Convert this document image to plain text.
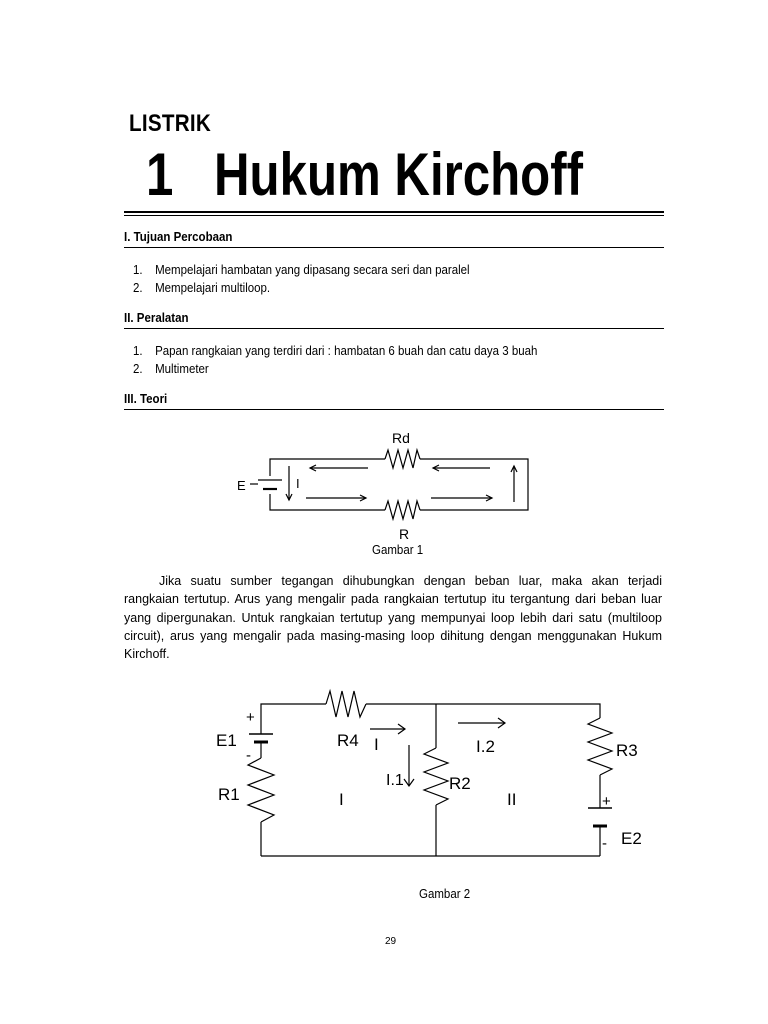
LISTRIK
1 Hukum Kirchoff
I. Tujuan Percobaan
1. Mempelajari hambatan yang dipasang secara seri dan paralel
2. Mempelajari multiloop.
II. Peralatan
1. Papan rangkaian yang terdiri dari : hambatan 6 buah dan catu daya 3 buah
2. Multimeter
III. Teori
Rd
E	I
R
+
E1
-
R1
R4 I
I.1	R2
I.2	R3
+
E2
-
I	II
Gambar 1
Jika suatu sumber tegangan dihubungkan dengan beban luar, maka akan terjadi rangkaian tertutup. Arus yang mengalir pada rangkaian tertutup itu tergantung dari beban luar yang dipergunakan. Untuk rangkaian tertutup yang mempunyai loop lebih dari satu (multiloop circuit), arus yang mengalir pada masing-masing loop dihitung dengan menggunakan Hukum Kirchoff.
Gambar 2
29
